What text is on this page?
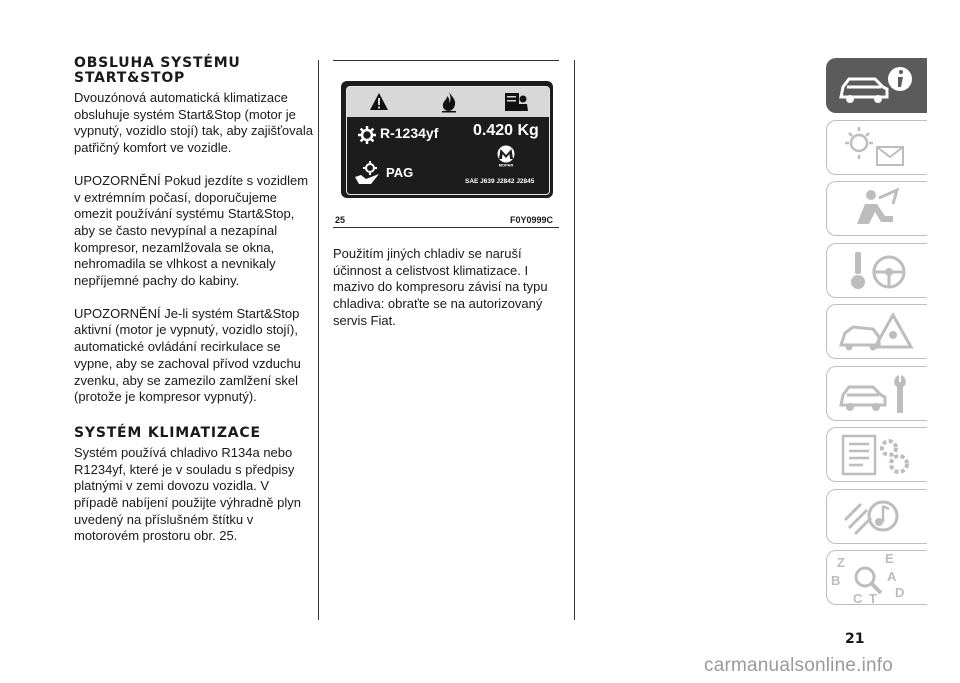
OBSLUHA SYSTÉMU START&STOP

Dvouzónová automatická klimatizace obsluhuje systém Start&Stop (motor je vypnutý, vozidlo stojí) tak, aby zajišťovala patřičný komfort ve vozidle.

UPOZORNĚNÍ Pokud jezdíte s vozidlem v extrémním počasí, doporučujeme omezit používání systému Start&Stop, aby se často nevypínal a nezapínal kompresor, nezamlžovala se okna, nehromadila se vlhkost a nevnikaly nepříjemné pachy do kabiny.

UPOZORNĚNÍ Je-li systém Start&Stop aktivní (motor je vypnutý, vozidlo stojí), automatické ovládání recirkulace se vypne, aby se zachoval přívod vzduchu zvenku, aby se zamezilo zamlžení skel (protože je kompresor vypnutý).

SYSTÉM KLIMATIZACE

Systém používá chladivo R134a nebo R1234yf, které je v souladu s předpisy platnými v zemi dovozu vozidla. V případě nabíjení použijte výhradně plyn uvedený na příslušném štítku v motorovém prostoru obr. 25.

R-1234yf 0.420 Kg
PAG	MOPAR
SAE J639 J2842 J2845
25	F0Y0999C

Použitím jiných chladiv se naruší účinnost a celistvost klimatizace. I mazivo do kompresoru závisí na typu chladiva: obraťte se na autorizovaný servis Fiat.

Z	E
B	A
C	D
T
21
carmanualsonline.info
